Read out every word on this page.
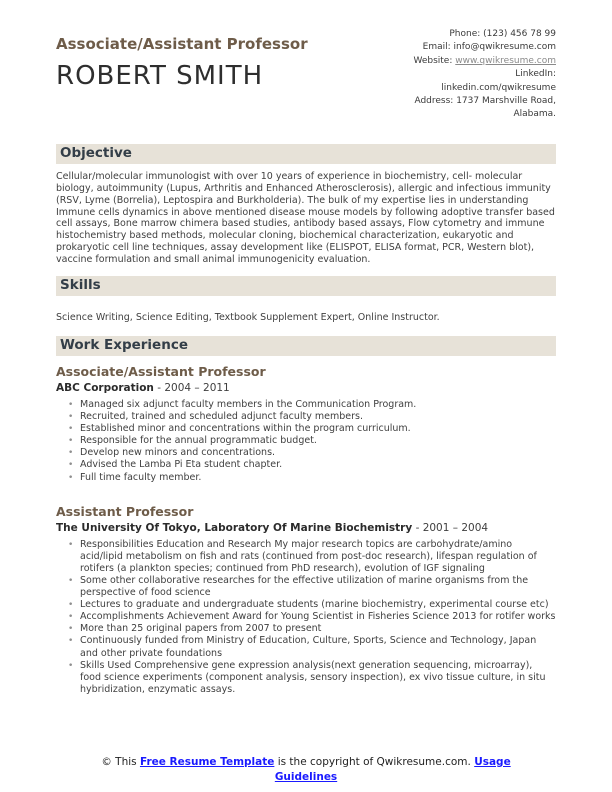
Associate/Assistant Professor
ROBERT SMITH
Phone: (123) 456 78 99
Email: info@qwikresume.com
Website: www.qwikresume.com
LinkedIn:
linkedin.com/qwikresume
Address: 1737 Marshville Road,
Alabama.
Objective

Cellular/molecular immunologist with over 10 years of experience in biochemistry, cell- molecular biology, autoimmunity (Lupus, Arthritis and Enhanced Atherosclerosis), allergic and infectious immunity (RSV, Lyme (Borrelia), Leptospira and Burkholderia). The bulk of my expertise lies in understanding Immune cells dynamics in above mentioned disease mouse models by following adoptive transfer based cell assays, Bone marrow chimera based studies, antibody based assays, Flow cytometry and immune histochemistry based methods, molecular cloning, biochemical characterization, eukaryotic and prokaryotic cell line techniques, assay development like (ELISPOT, ELISA format, PCR, Western blot), vaccine formulation and small animal immunogenicity evaluation.

Skills

Science Writing, Science Editing, Textbook Supplement Expert, Online Instructor.

Work Experience
Associate/Assistant Professor
ABC Corporation - 2004 – 2011
• Managed six adjunct faculty members in the Communication Program.
• Recruited, trained and scheduled adjunct faculty members.
• Established minor and concentrations within the program curriculum.
• Responsible for the annual programmatic budget.
• Develop new minors and concentrations.
• Advised the Lamba Pi Eta student chapter.
• Full time faculty member.
Assistant Professor
The University Of Tokyo, Laboratory Of Marine Biochemistry - 2001 – 2004
• Responsibilities Education and Research My major research topics are carbohydrate/amino acid/lipid metabolism on fish and rats (continued from post-doc research), lifespan regulation of rotifers (a plankton species; continued from PhD research), evolution of IGF signaling
• Some other collaborative researches for the effective utilization of marine organisms from the perspective of food science
• Lectures to graduate and undergraduate students (marine biochemistry, experimental course etc)
• Accomplishments Achievement Award for Young Scientist in Fisheries Science 2013 for rotifer works
• More than 25 original papers from 2007 to present
• Continuously funded from Ministry of Education, Culture, Sports, Science and Technology, Japan and other private foundations
• Skills Used Comprehensive gene expression analysis(next generation sequencing, microarray), food science experiments (component analysis, sensory inspection), ex vivo tissue culture, in situ hybridization, enzymatic assays.
© This Free Resume Template is the copyright of Qwikresume.com. Usage Guidelines
